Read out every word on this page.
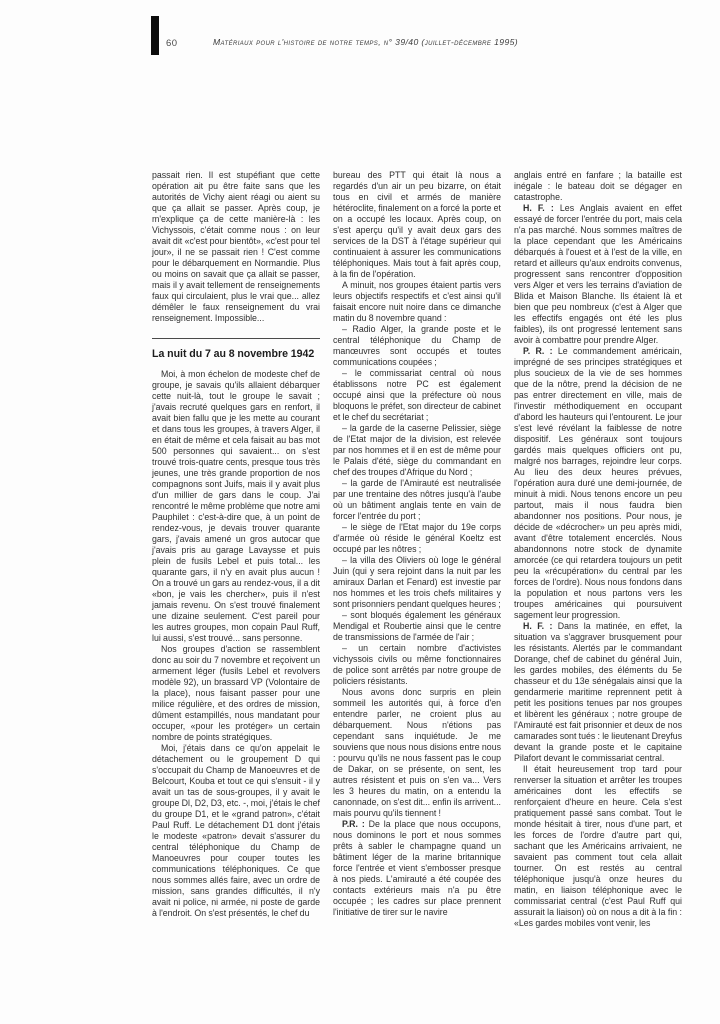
60	Matériaux pour l'histoire de notre temps, n° 39/40 (juillet-décembre 1995)

passait rien. Il est stupéfiant que cette opération ait pu être faite sans que les autorités de Vichy aient réagi ou aient su que ça allait se passer. Après coup, je m'explique ça de cette manière-là : les Vichyssois, c'était comme nous : on leur avait dit «c'est pour bientôt», «c'est pour tel jour», il ne se passait rien ! C'est comme pour le débarquement en Normandie. Plus ou moins on savait que ça allait se passer, mais il y avait tellement de renseignements faux qui circulaient, plus le vrai que... allez démêler le faux renseignement du vrai renseignement. Impossible...

La nuit du 7 au 8 novembre 1942

Moi, à mon échelon de modeste chef de groupe, je savais qu'ils allaient débarquer cette nuit-là, tout le groupe le savait ; j'avais recruté quelques gars en renfort, il avait bien fallu que je les mette au courant et dans tous les groupes, à travers Alger, il en était de même et cela faisait au bas mot 500 personnes qui savaient... on s'est trouvé trois-quatre cents, presque tous très jeunes, une très grande proportion de nos compagnons sont Juifs, mais il y avait plus d'un millier de gars dans le coup. J'ai rencontré le même problème que notre ami Pauphilet : c'est-à-dire que, à un point de rendez-vous, je devais trouver quarante gars, j'avais amené un gros autocar que j'avais pris au garage Lavaysse et puis plein de fusils Lebel et puis total... les quarante gars, il n'y en avait plus aucun ! On a trouvé un gars au rendez-vous, il a dit «bon, je vais les chercher», puis il n'est jamais revenu. On s'est trouvé finalement une dizaine seulement. C'est pareil pour les autres groupes, mon copain Paul Ruff, lui aussi, s'est trouvé... sans personne.

Nos groupes d'action se rassemblent donc au soir du 7 novembre et reçoivent un armement léger (fusils Lebel et revolvers modèle 92), un brassard VP (Volontaire de la place), nous faisant passer pour une milice régulière, et des ordres de mission, dûment estampillés, nous mandatant pour occuper, «pour les protéger» un certain nombre de points stratégiques.

Moi, j'étais dans ce qu'on appelait le détachement ou le groupement D qui s'occupait du Champ de Manoeuvres et de Belcourt, Kouba et tout ce qui s'ensuit - il y avait un tas de sous-groupes, il y avait le groupe Dl, D2, D3, etc. -, moi, j'étais le chef du groupe D1, et le «grand patron», c'était Paul Ruff. Le détachement D1 dont j'étais le modeste «patron» devait s'assurer du central téléphonique du Champ de Manoeuvres pour couper toutes les communications téléphoniques. Ce que nous sommes allés faire, avec un ordre de mission, sans grandes difficultés, il n'y avait ni police, ni armée, ni poste de garde à l'endroit. On s'est présentés, le chef du

bureau des PTT qui était là nous a regardés d'un air un peu bizarre, on était tous en civil et armés de manière hétéroclite, finalement on a forcé la porte et on a occupé les locaux. Après coup, on s'est aperçu qu'il y avait deux gars des services de la DST à l'étage supérieur qui continuaient à assurer les communications téléphoniques. Mais tout à fait après coup, à la fin de l'opération.

A minuit, nos groupes étaient partis vers leurs objectifs respectifs et c'est ainsi qu'il faisait encore nuit noire dans ce dimanche matin du 8 novembre quand :

– Radio Alger, la grande poste et le central téléphonique du Champ de manœuvres sont occupés et toutes communications coupées ;

– le commissariat central où nous établissons notre PC est également occupé ainsi que la préfecture où nous bloquons le préfet, son directeur de cabinet et le chef du secrétariat ;

– la garde de la caserne Pelissier, siège de l'Etat major de la division, est relevée par nos hommes et il en est de même pour le Palais d'été, siège du commandant en chef des troupes d'Afrique du Nord ;

– la garde de l'Amirauté est neutralisée par une trentaine des nôtres jusqu'à l'aube où un bâtiment anglais tente en vain de forcer l'entrée du port ;

– le siège de l'Etat major du 19e corps d'armée où réside le général Koeltz est occupé par les nôtres ;

– la villa des Oliviers où loge le général Juin (qui y sera rejoint dans la nuit par les amiraux Darlan et Fenard) est investie par nos hommes et les trois chefs militaires y sont prisonniers pendant quelques heures ;

– sont bloqués également les généraux Mendigal et Roubertie ainsi que le centre de transmissions de l'armée de l'air ;

– un certain nombre d'activistes vichyssois civils ou même fonctionnaires de police sont arrêtés par notre groupe de policiers résistants.

Nous avons donc surpris en plein sommeil les autorités qui, à force d'en entendre parler, ne croient plus au débarquement. Nous n'étions pas cependant sans inquiétude. Je me souviens que nous nous disions entre nous : pourvu qu'ils ne nous fassent pas le coup de Dakar, on se présente, on sent, les autres résistent et puis on s'en va... Vers les 3 heures du matin, on a entendu la canonnade, on s'est dit... enfin ils arrivent... mais pourvu qu'ils tiennent !

P.R. : De la place que nous occupons, nous dominons le port et nous sommes prêts à sabler le champagne quand un bâtiment léger de la marine britannique force l'entrée et vient s'embosser presque à nos pieds. L'amirauté a été coupée des contacts extérieurs mais n'a pu être occupée ; les cadres sur place prennent l'initiative de tirer sur le navire

anglais entré en fanfare ; la bataille est inégale : le bateau doit se dégager en catastrophe.

H. F. : Les Anglais avaient en effet essayé de forcer l'entrée du port, mais cela n'a pas marché. Nous sommes maîtres de la place cependant que les Américains débarqués à l'ouest et à l'est de la ville, en retard et ailleurs qu'aux endroits convenus, progressent sans rencontrer d'opposition vers Alger et vers les terrains d'aviation de Blida et Maison Blanche. Ils étaient là et bien que peu nombreux (c'est à Alger que les effectifs engagés ont été les plus faibles), ils ont progressé lentement sans avoir à combattre pour prendre Alger.

P. R. : Le commandement américain, imprégné de ses principes stratégiques et plus soucieux de la vie de ses hommes que de la nôtre, prend la décision de ne pas entrer directement en ville, mais de l'investir méthodiquement en occupant d'abord les hauteurs qui l'entourent. Le jour s'est levé révélant la faiblesse de notre dispositif. Les généraux sont toujours gardés mais quelques officiers ont pu, malgré nos barrages, rejoindre leur corps. Au lieu des deux heures prévues, l'opération aura duré une demi-journée, de minuit à midi. Nous tenons encore un peu partout, mais il nous faudra bien abandonner nos positions. Pour nous, je décide de «décrocher» un peu après midi, avant d'être totalement encerclés. Nous abandonnons notre stock de dynamite amorcée (ce qui retardera toujours un petit peu la «récupération» du central par les forces de l'ordre). Nous nous fondons dans la population et nous partons vers les troupes américaines qui poursuivent sagement leur progression.

H. F. : Dans la matinée, en effet, la situation va s'aggraver brusquement pour les résistants. Alertés par le commandant Dorange, chef de cabinet du général Juin, les gardes mobiles, des éléments du 5e chasseur et du 13e sénégalais ainsi que la gendarmerie maritime reprennent petit à petit les positions tenues par nos groupes et libèrent les généraux ; notre groupe de l'Amirauté est fait prisonnier et deux de nos camarades sont tués : le lieutenant Dreyfus devant la grande poste et le capitaine Pilafort devant le commissariat central.

Il était heureusement trop tard pour renverser la situation et arrêter les troupes américaines dont les effectifs se renforçaient d'heure en heure. Cela s'est pratiquement passé sans combat. Tout le monde hésitait à tirer, nous d'une part, et les forces de l'ordre d'autre part qui, sachant que les Américains arrivaient, ne savaient pas comment tout cela allait tourner. On est restés au central téléphonique jusqu'à onze heures du matin, en liaison téléphonique avec le commissariat central (c'est Paul Ruff qui assurait la liaison) où on nous a dit à la fin : «Les gardes mobiles vont venir, les
